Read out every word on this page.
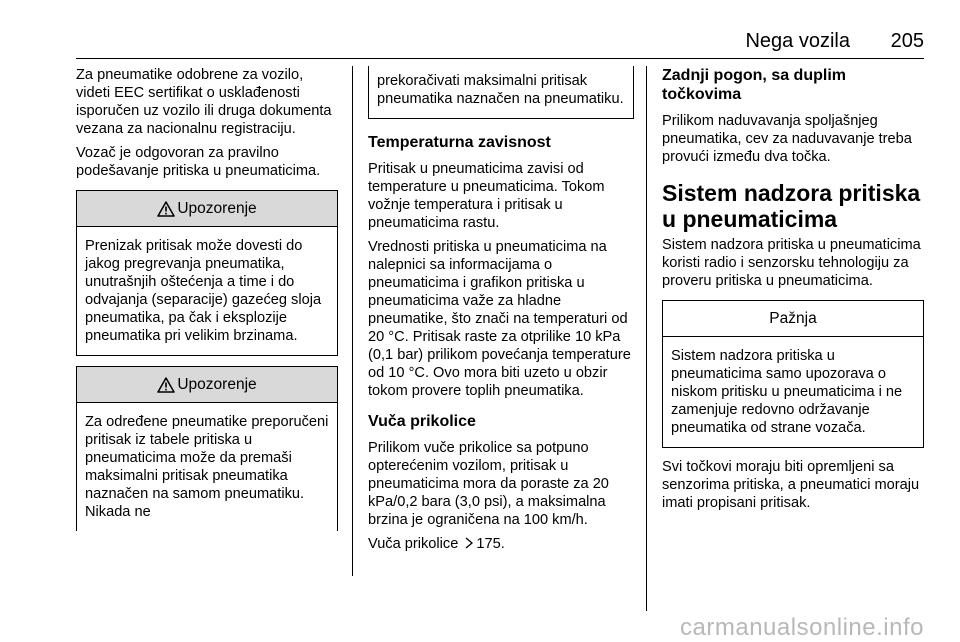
Nega vozila 205

Za pneumatike odobrene za vozilo, videti EEC sertifikat o usklađenosti isporučen uz vozilo ili druga dokumenta vezana za nacionalnu registraciju.

Vozač je odgovoran za pravilno podešavanje pritiska u pneumaticima.

Upozorenje
Prenizak pritisak može dovesti do jakog pregrevanja pneumatika, unutrašnjih oštećenja a time i do odvajanja (separacije) gazećeg sloja pneumatika, pa čak i eksplozije pneumatika pri velikim brzinama.
Upozorenje
Za određene pneumatike preporučeni pritisak iz tabele pritiska u pneumaticima može da premaši maksimalni pritisak pneumatika naznačen na samom pneumatiku. Nikada ne
prekoračivati maksimalni pritisak pneumatika naznačen na pneumatiku.
Temperaturna zavisnost

Pritisak u pneumaticima zavisi od temperature u pneumaticima. Tokom vožnje temperatura i pritisak u pneumaticima rastu.

Vrednosti pritiska u pneumaticima na nalepnici sa informacijama o pneumaticima i grafikon pritiska u pneumaticima važe za hladne pneumatike, što znači na temperaturi od 20 °C. Pritisak raste za otprilike 10 kPa (0,1 bar) prilikom povećanja temperature od 10 °C. Ovo mora biti uzeto u obzir tokom provere toplih pneumatika.

Vuča prikolice

Prilikom vuče prikolice sa potpuno opterećenim vozilom, pritisak u pneumaticima mora da poraste za 20 kPa/0,2 bara (3,0 psi), a maksimalna brzina je ograničena na 100 km/h.

Vuča prikolice 175.

Zadnji pogon, sa duplim točkovima

Prilikom naduvavanja spoljašnjeg pneumatika, cev za naduvavanje treba provući između dva točka.

Sistem nadzora pritiska u pneumaticima

Sistem nadzora pritiska u pneumaticima koristi radio i senzorsku tehnologiju za proveru pritiska u pneumaticima.

Pažnja
Sistem nadzora pritiska u pneumaticima samo upozorava o niskom pritisku u pneumaticima i ne zamenjuje redovno održavanje pneumatika od strane vozača.

Svi točkovi moraju biti opremljeni sa senzorima pritiska, a pneumatici moraju imati propisani pritisak.

carmanualsonline.info
